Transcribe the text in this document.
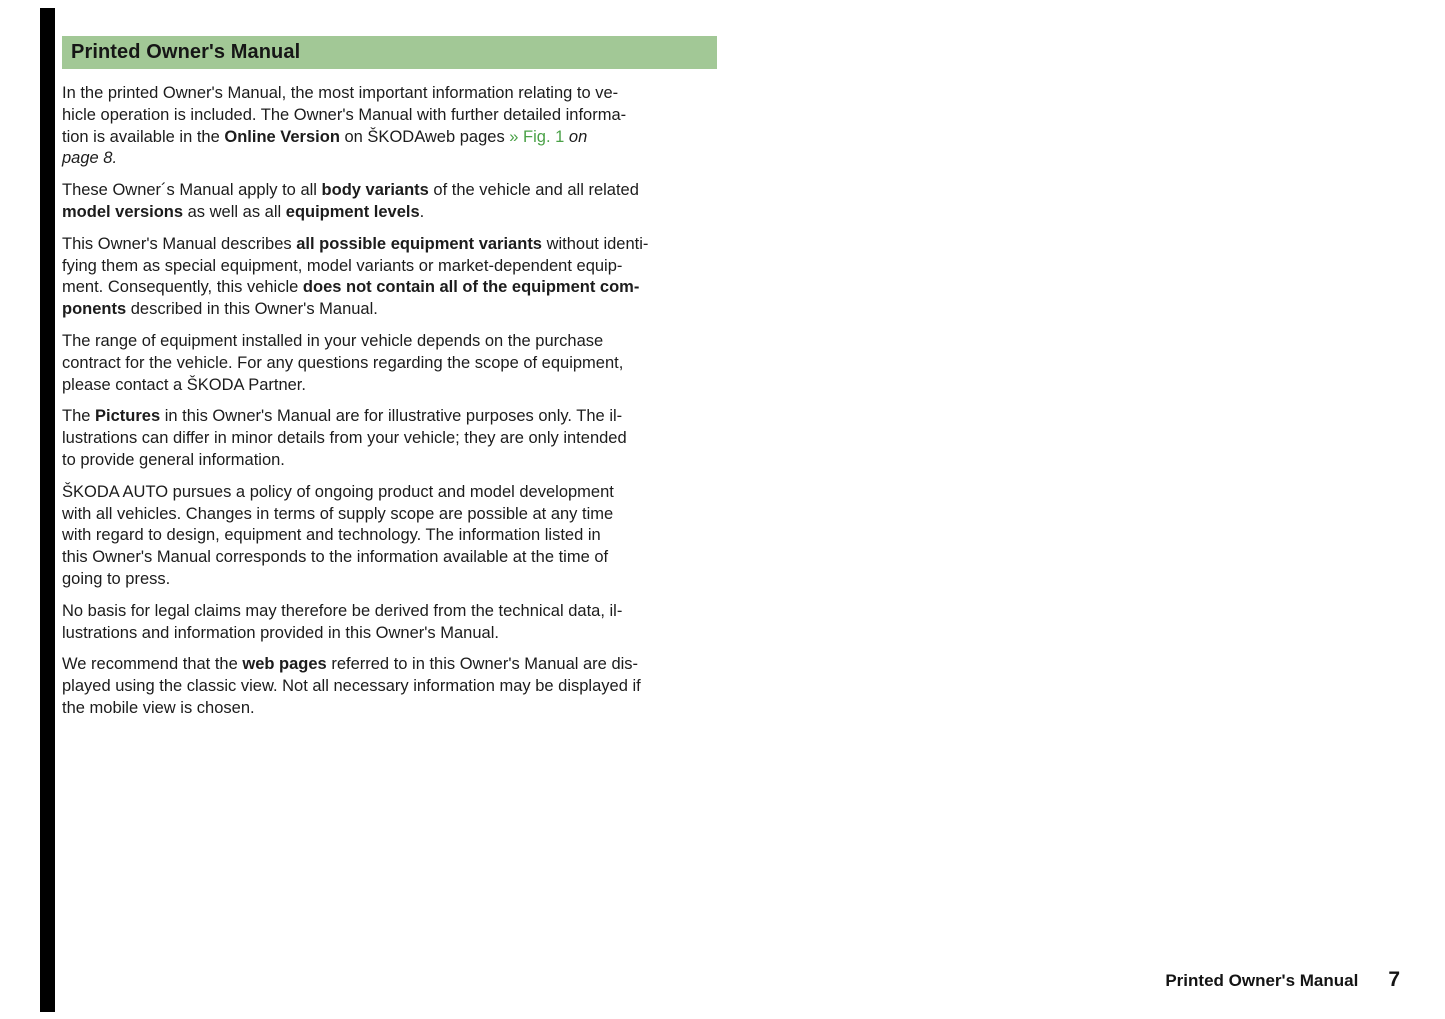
Printed Owner's Manual

In the printed Owner's Manual, the most important information relating to ve-
hicle operation is included. The Owner's Manual with further detailed informa-
tion is available in the Online Version on ŠKODAweb pages » Fig. 1 on
page 8.

These Owner´s Manual apply to all body variants of the vehicle and all related
model versions as well as all equipment levels.

This Owner's Manual describes all possible equipment variants without identi-
fying them as special equipment, model variants or market-dependent equip-
ment. Consequently, this vehicle does not contain all of the equipment com-
ponents described in this Owner's Manual.

The range of equipment installed in your vehicle depends on the purchase
contract for the vehicle. For any questions regarding the scope of equipment,
please contact a ŠKODA Partner.

The Pictures in this Owner's Manual are for illustrative purposes only. The il-
lustrations can differ in minor details from your vehicle; they are only intended
to provide general information.

ŠKODA AUTO pursues a policy of ongoing product and model development
with all vehicles. Changes in terms of supply scope are possible at any time
with regard to design, equipment and technology. The information listed in
this Owner's Manual corresponds to the information available at the time of
going to press.

No basis for legal claims may therefore be derived from the technical data, il-
lustrations and information provided in this Owner's Manual.

We recommend that the web pages referred to in this Owner's Manual are dis-
played using the classic view. Not all necessary information may be displayed if
the mobile view is chosen.

Printed Owner's Manual 7
